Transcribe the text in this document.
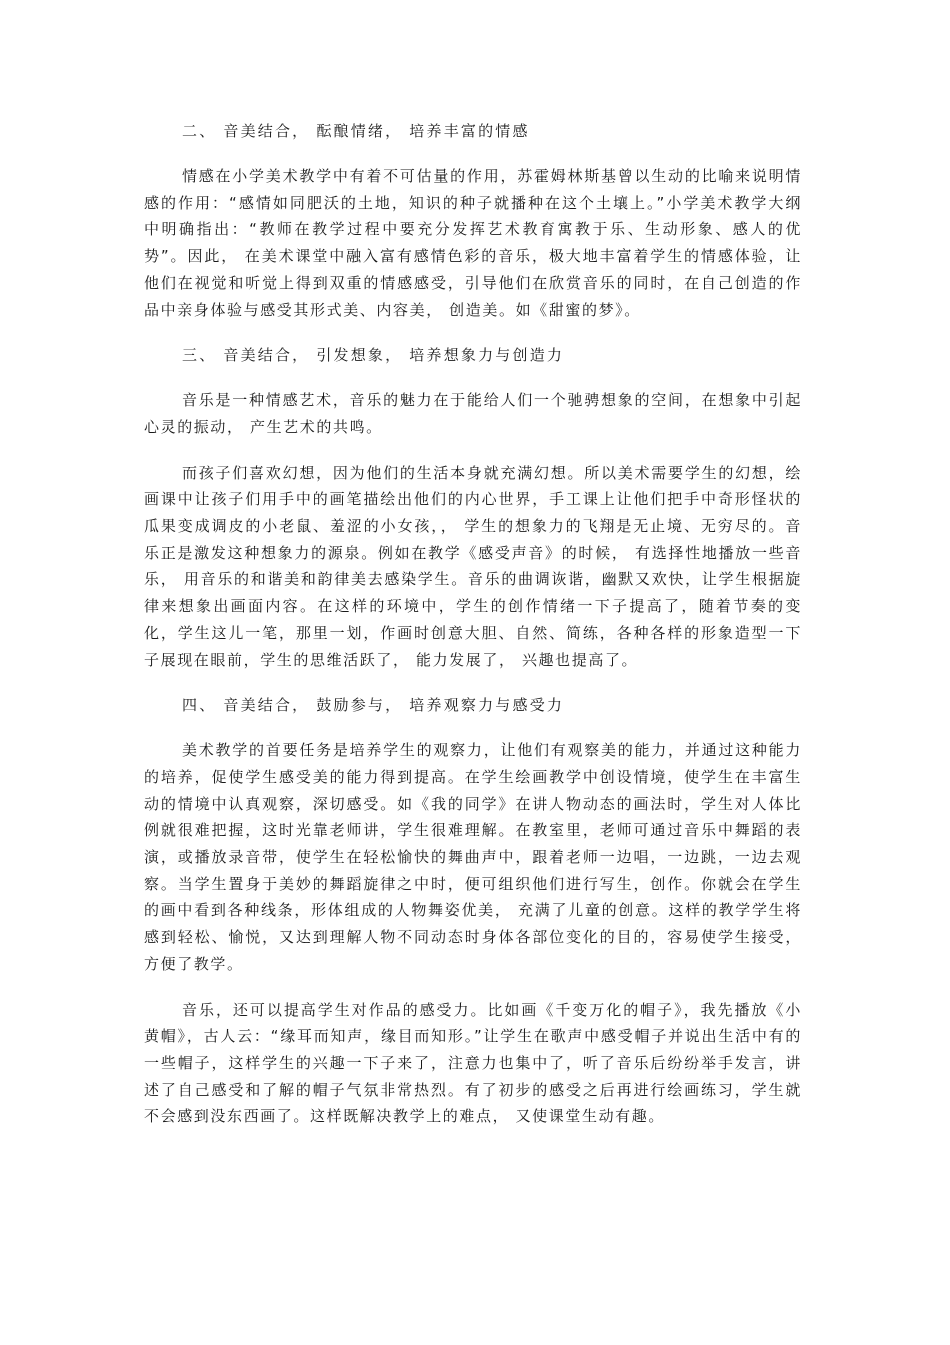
二、 音美结合， 酝酿情绪， 培养丰富的情感

情感在小学美术教学中有着不可估量的作用，苏霍姆林斯基曾以生动的比喻来说明情感的作用：“感情如同肥沃的土地，知识的种子就播种在这个土壤上。”小学美术教学大纲中明确指出：“教师在教学过程中要充分发挥艺术教育寓教于乐、生动形象、感人的优势”。因此， 在美术课堂中融入富有感情色彩的音乐，极大地丰富着学生的情感体验，让他们在视觉和听觉上得到双重的情感感受，引导他们在欣赏音乐的同时，在自己创造的作品中亲身体验与感受其形式美、内容美， 创造美。如《甜蜜的梦》。

三、 音美结合， 引发想象， 培养想象力与创造力

音乐是一种情感艺术，音乐的魅力在于能给人们一个驰骋想象的空间，在想象中引起心灵的振动， 产生艺术的共鸣。

而孩子们喜欢幻想，因为他们的生活本身就充满幻想。所以美术需要学生的幻想，绘画课中让孩子们用手中的画笔描绘出他们的内心世界，手工课上让他们把手中奇形怪状的瓜果变成调皮的小老鼠、羞涩的小女孩，， 学生的想象力的飞翔是无止境、无穷尽的。音乐正是激发这种想象力的源泉。例如在教学《感受声音》的时候， 有选择性地播放一些音乐， 用音乐的和谐美和韵律美去感染学生。音乐的曲调诙谐，幽默又欢快，让学生根据旋律来想象出画面内容。在这样的环境中，学生的创作情绪一下子提高了，随着节奏的变化，学生这儿一笔，那里一划，作画时创意大胆、自然、简练，各种各样的形象造型一下子展现在眼前，学生的思维活跃了， 能力发展了， 兴趣也提高了。

四、 音美结合， 鼓励参与， 培养观察力与感受力

美术教学的首要任务是培养学生的观察力，让他们有观察美的能力，并通过这种能力的培养，促使学生感受美的能力得到提高。在学生绘画教学中创设情境，使学生在丰富生动的情境中认真观察，深切感受。如《我的同学》在讲人物动态的画法时，学生对人体比例就很难把握，这时光靠老师讲，学生很难理解。在教室里，老师可通过音乐中舞蹈的表演，或播放录音带，使学生在轻松愉快的舞曲声中，跟着老师一边唱，一边跳，一边去观察。当学生置身于美妙的舞蹈旋律之中时，便可组织他们进行写生，创作。你就会在学生的画中看到各种线条，形体组成的人物舞姿优美， 充满了儿童的创意。这样的教学学生将感到轻松、愉悦，又达到理解人物不同动态时身体各部位变化的目的，容易使学生接受，方便了教学。

音乐，还可以提高学生对作品的感受力。比如画《千变万化的帽子》，我先播放《小黄帽》，古人云：“缘耳而知声，缘目而知形。”让学生在歌声中感受帽子并说出生活中有的一些帽子，这样学生的兴趣一下子来了，注意力也集中了，听了音乐后纷纷举手发言，讲述了自己感受和了解的帽子气氛非常热烈。有了初步的感受之后再进行绘画练习，学生就不会感到没东西画了。这样既解决教学上的难点， 又使课堂生动有趣。
